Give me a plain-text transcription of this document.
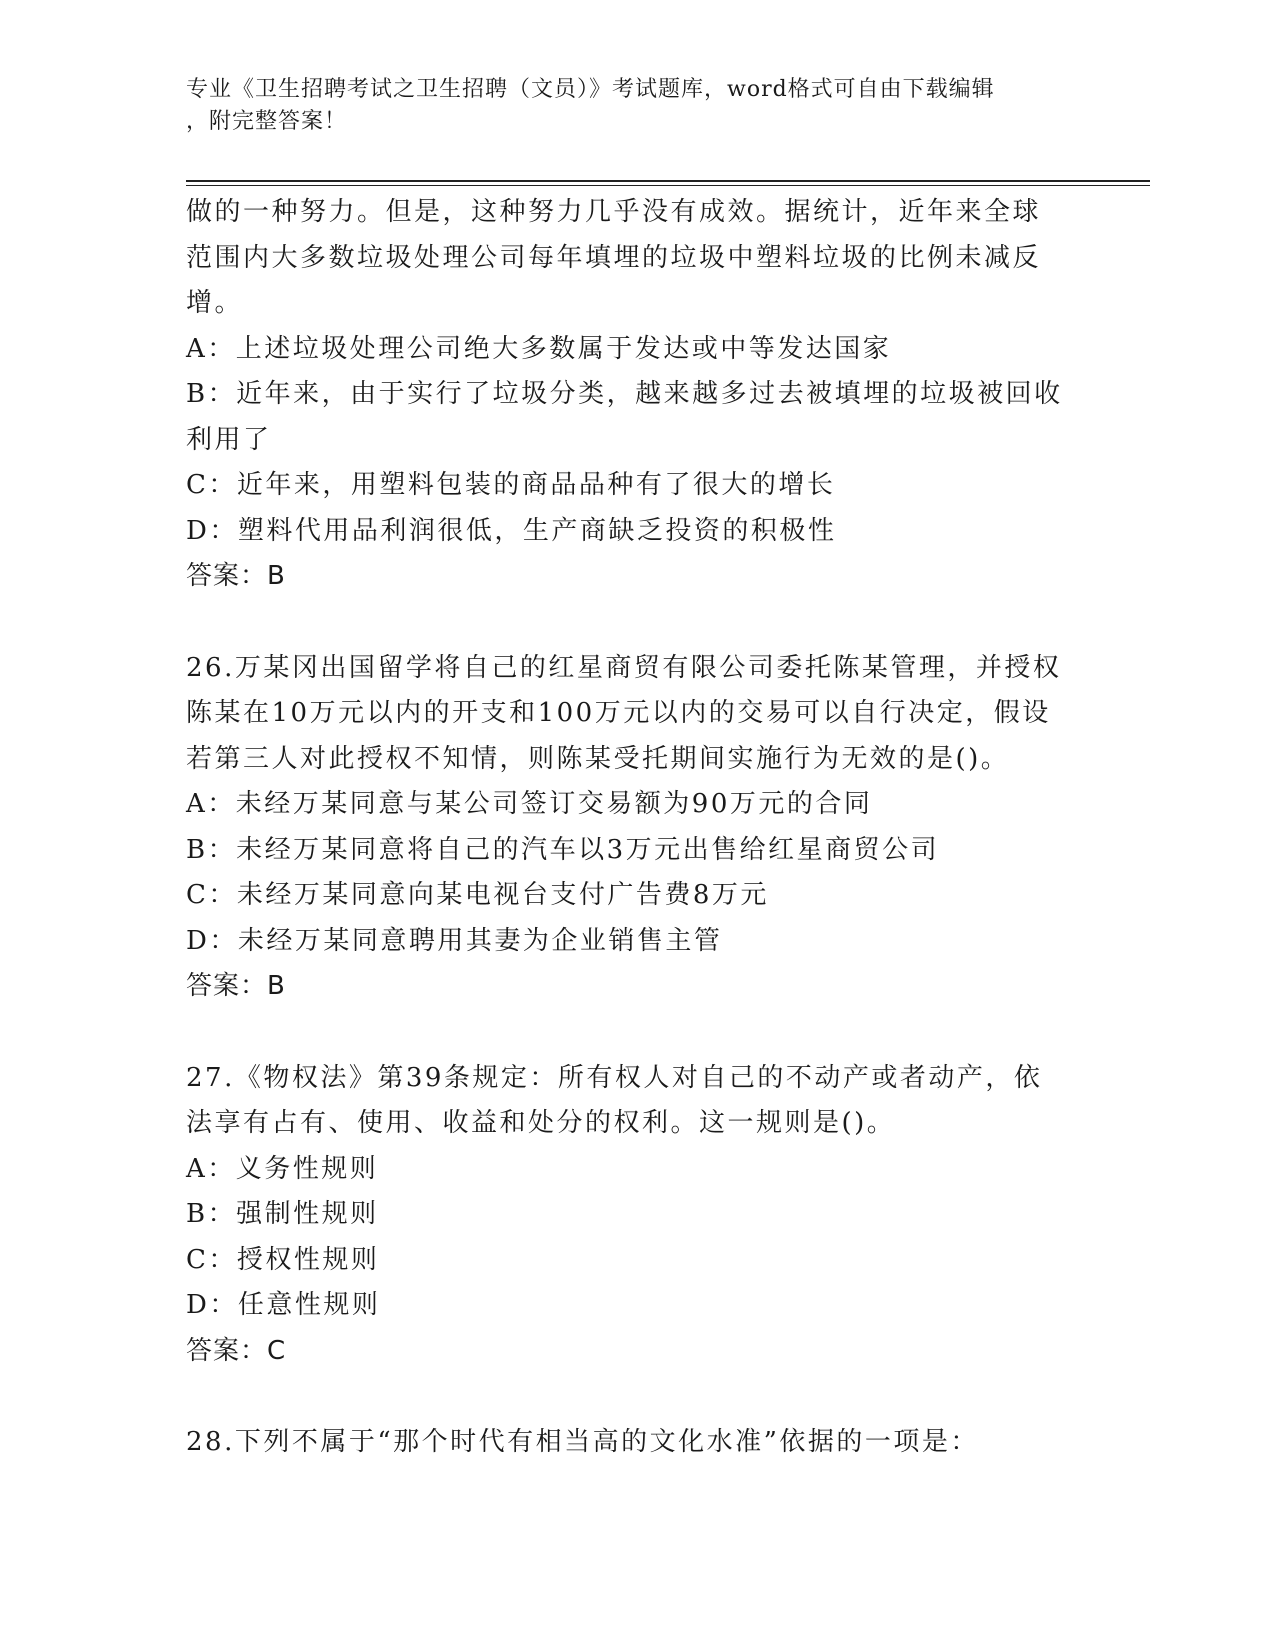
专业《卫生招聘考试之卫生招聘（文员）》考试题库，word格式可自由下载编辑
，附完整答案！
做的一种努力。但是，这种努力几乎没有成效。据统计，近年来全球
范围内大多数垃圾处理公司每年填埋的垃圾中塑料垃圾的比例未减反
增。
A：上述垃圾处理公司绝大多数属于发达或中等发达国家
B：近年来，由于实行了垃圾分类，越来越多过去被填埋的垃圾被回收
利用了
C：近年来，用塑料包装的商品品种有了很大的增长
D：塑料代用品利润很低，生产商缺乏投资的积极性
答案：B
26.万某冈出国留学将自己的红星商贸有限公司委托陈某管理，并授权
陈某在10万元以内的开支和100万元以内的交易可以自行决定，假设
若第三人对此授权不知情，则陈某受托期间实施行为无效的是()。
A：未经万某同意与某公司签订交易额为90万元的合同
B：未经万某同意将自己的汽车以3万元出售给红星商贸公司
C：未经万某同意向某电视台支付广告费8万元
D：未经万某同意聘用其妻为企业销售主管
答案：B
27.《物权法》第39条规定：所有权人对自己的不动产或者动产，依
法享有占有、使用、收益和处分的权利。这一规则是()。
A：义务性规则
B：强制性规则
C：授权性规则
D：任意性规则
答案：C
28.下列不属于“那个时代有相当高的文化水准”依据的一项是：
